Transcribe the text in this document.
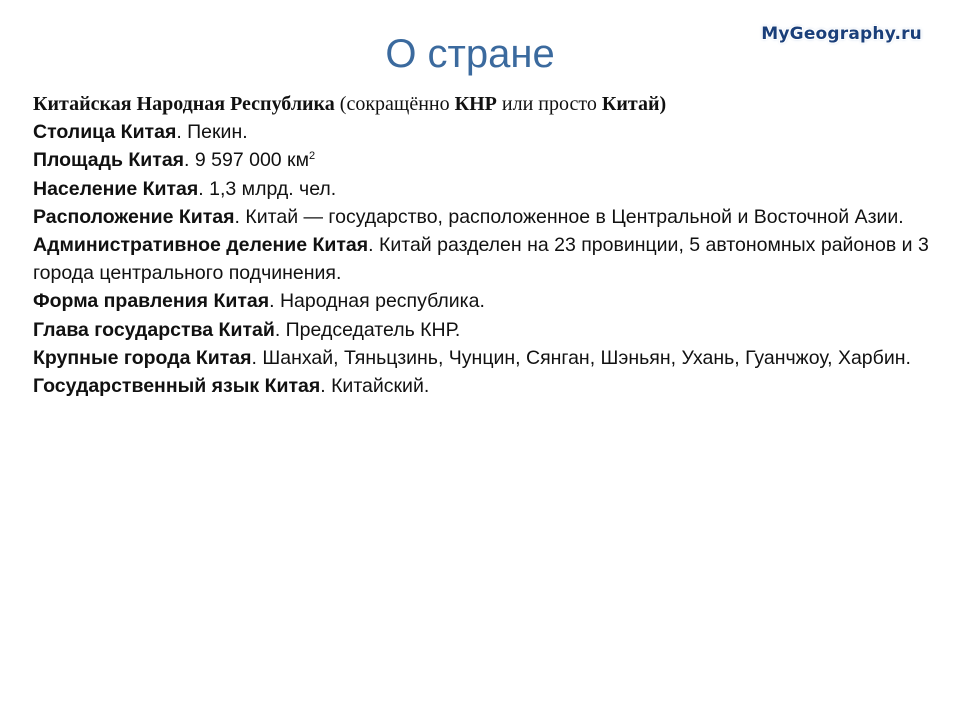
О стране	MyGeography.ru

Китайская Народная Республика (сокращённо КНР или просто Китай)

Столица Китая. Пекин.

Площадь Китая. 9 597 000 $км^2$

Население Китая. 1,3 млрд. чел.

Расположение Китая. Китай — государство, расположенное в Центральной и Восточной Азии.

Административное деление Китая. Китай разделен на 23 провинции, 5 автономных районов и 3 города центрального подчинения.

Форма правления Китая. Народная республика.

Глава государства Китай. Председатель КНР.

Крупные города Китая. Шанхай, Тяньцзинь, Чунцин, Сянган, Шэньян, Ухань, Гуанчжоу, Харбин.

Государственный язык Китая. Китайский.
